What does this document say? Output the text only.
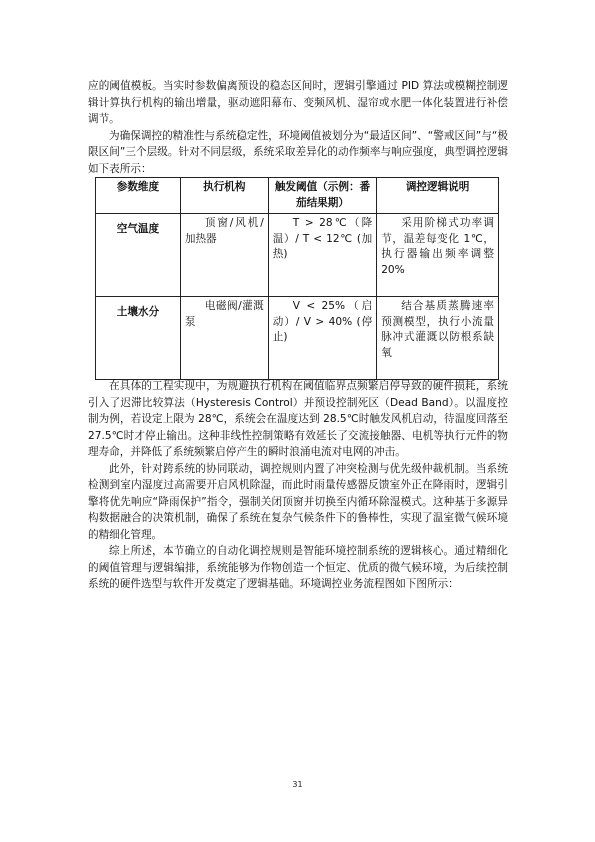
应的阈值模板。当实时参数偏离预设的稳态区间时，逻辑引擎通过 PID 算法或模糊控制逻辑计算执行机构的输出增量，驱动遮阳幕布、变频风机、湿帘或水肥一体化装置进行补偿调节。

为确保调控的精准性与系统稳定性，环境阈值被划分为“最适区间”、“警戒区间”与“极限区间”三个层级。针对不同层级，系统采取差异化的动作频率与响应强度，典型调控逻辑如下表所示：

参数维度	执行机构	触发阈值（示例：番茄结果期）	调控逻辑说明
空气温度	顶窗/风机/加热器	T > 28℃（降温）/ T < 12℃ (加热)	采用阶梯式功率调节，温差每变化 1℃，执行器输出频率调整 20%
土壤水分	电磁阀/灌溉泵	V < 25%（启动）/ V > 40% (停止)	结合基质蒸腾速率预测模型，执行小流量脉冲式灌溉以防根系缺氧

在具体的工程实现中，为规避执行机构在阈值临界点频繁启停导致的硬件损耗，系统引入了迟滞比较算法（Hysteresis Control）并预设控制死区（Dead Band）。以温度控制为例，若设定上限为 28℃，系统会在温度达到 28.5℃时触发风机启动，待温度回落至 27.5℃时才停止输出。这种非线性控制策略有效延长了交流接触器、电机等执行元件的物理寿命，并降低了系统频繁启停产生的瞬时浪涌电流对电网的冲击。

此外，针对跨系统的协同联动，调控规则内置了冲突检测与优先级仲裁机制。当系统检测到室内湿度过高需要开启风机除湿，而此时雨量传感器反馈室外正在降雨时，逻辑引擎将优先响应“降雨保护”指令，强制关闭顶窗并切换至内循环除湿模式。这种基于多源异构数据融合的决策机制，确保了系统在复杂气候条件下的鲁棒性，实现了温室微气候环境的精细化管理。

综上所述，本节确立的自动化调控规则是智能环境控制系统的逻辑核心。通过精细化的阈值管理与逻辑编排，系统能够为作物创造一个恒定、优质的微气候环境，为后续控制系统的硬件选型与软件开发奠定了逻辑基础。环境调控业务流程图如下图所示：

31
